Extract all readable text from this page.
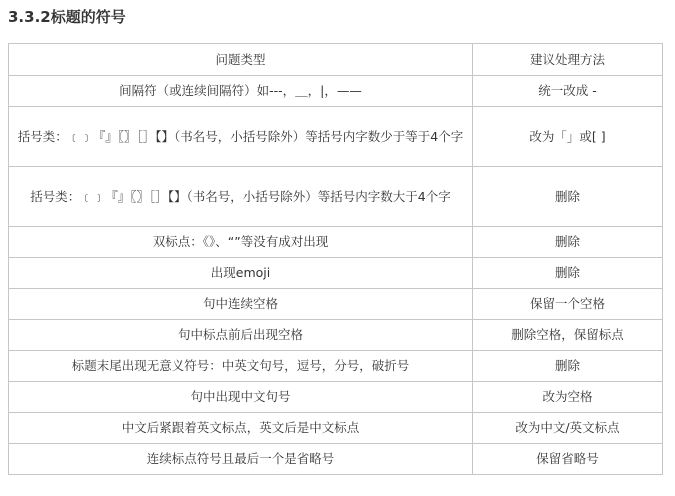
3.3.2标题的符号
问题类型	建议处理方法
间隔符（或连续间隔符）如---，＿，|，——	统一改成 -
括号类：﹝﹞『』〖〗［］【】（书名号，小括号除外）等括号内字数少于等于4个字	改为「」或[ ]
括号类：﹝﹞『』〖〗［］【】（书名号，小括号除外）等括号内字数大于4个字	删除
双标点：《》、“”等没有成对出现	删除
出现emoji	删除
句中连续空格	保留一个空格
句中标点前后出现空格	删除空格，保留标点
标题末尾出现无意义符号：中英文句号，逗号，分号，破折号	删除
句中出现中文句号	改为空格
中文后紧跟着英文标点，英文后是中文标点	改为中文/英文标点
连续标点符号且最后一个是省略号	保留省略号
